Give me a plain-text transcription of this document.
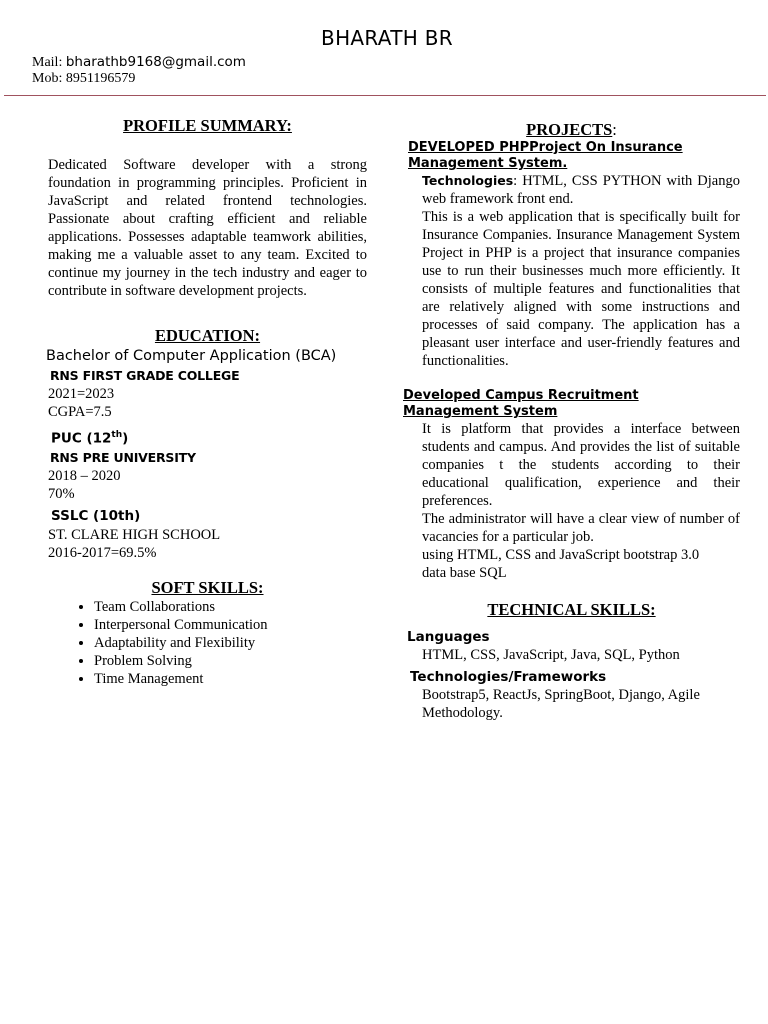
BHARATH BR
Mail: bharathb9168@gmail.com
Mob: 8951196579
PROFILE SUMMARY:

Dedicated Software developer with a strong foundation in programming principles. Proficient in JavaScript and related frontend technologies. Passionate about crafting efficient and reliable applications. Possesses adaptable teamwork abilities, making me a valuable asset to any team. Excited to continue my journey in the tech industry and eager to contribute in software development projects.

EDUCATION:

Bachelor of Computer Application (BCA)

RNS FIRST GRADE COLLEGE

2021=2023

CGPA=7.5

PUC (12th)

RNS PRE UNIVERSITY

2018 – 2020

70%

SSLC (10th)

ST. CLARE HIGH SCHOOL

2016-2017=69.5%

SOFT SKILLS:
• Team Collaborations
• Interpersonal Communication
• Adaptability and Flexibility
• Problem Solving
• Time Management
PROJECTS:

DEVELOPED PHPProject On Insurance Management System.

Technologies: HTML, CSS PYTHON with Django web framework front end.

This is a web application that is specifically built for Insurance Companies. Insurance Management System Project in PHP is a project that insurance companies use to run their businesses much more efficiently. It consists of multiple features and functionalities that are relatively aligned with some instructions and processes of said company. The application has a pleasant user interface and user-friendly features and functionalities.

Developed Campus Recruitment Management System

It is platform that provides a interface between students and campus. And provides the list of suitable companies t the students according to their educational qualification, experience and their preferences.

The administrator will have a clear view of number of vacancies for a particular job.

using HTML, CSS and JavaScript bootstrap 3.0

data base SQL

TECHNICAL SKILLS:

Languages

HTML, CSS, JavaScript, Java, SQL, Python

Technologies/Frameworks

Bootstrap5, ReactJs, SpringBoot, Django, Agile Methodology.
